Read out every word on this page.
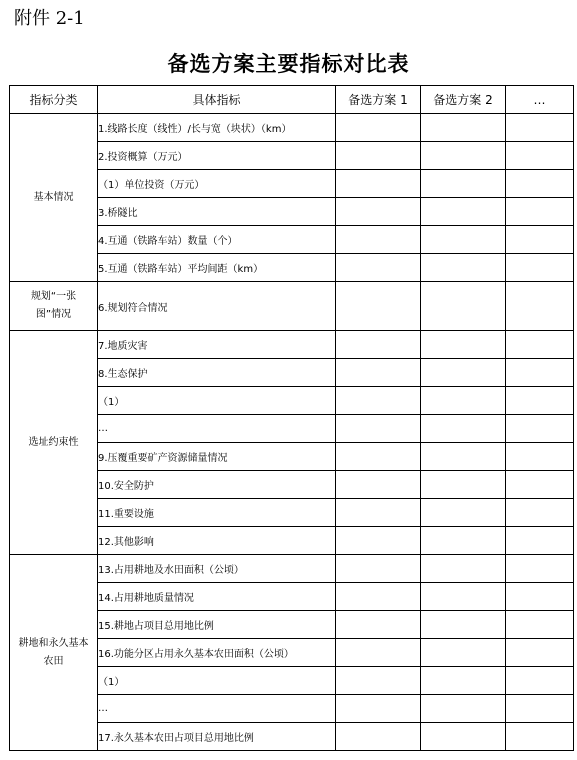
附件 2-1
备选方案主要指标对比表
指标分类	具体指标	备选方案 1	备选方案 2	…
基本情况	1.线路长度（线性）/长与宽（块状）（km）			
	2.投资概算（万元）			
	（1）单位投资（万元）			
	3.桥隧比			
	4.互通（铁路车站）数量（个）			
	5.互通（铁路车站）平均间距（km）			
规划“一张图”情况	6.规划符合情况			
选址约束性	7.地质灾害			
	8.生态保护			
	（1）			
	…			
	9.压覆重要矿产资源储量情况			
	10.安全防护			
	11.重要设施			
	12.其他影响			
耕地和永久基本农田	13.占用耕地及水田面积（公顷）			
	14.占用耕地质量情况			
	15.耕地占项目总用地比例			
	16.功能分区占用永久基本农田面积（公顷）			
	（1）			
	…			
	17.永久基本农田占项目总用地比例			
